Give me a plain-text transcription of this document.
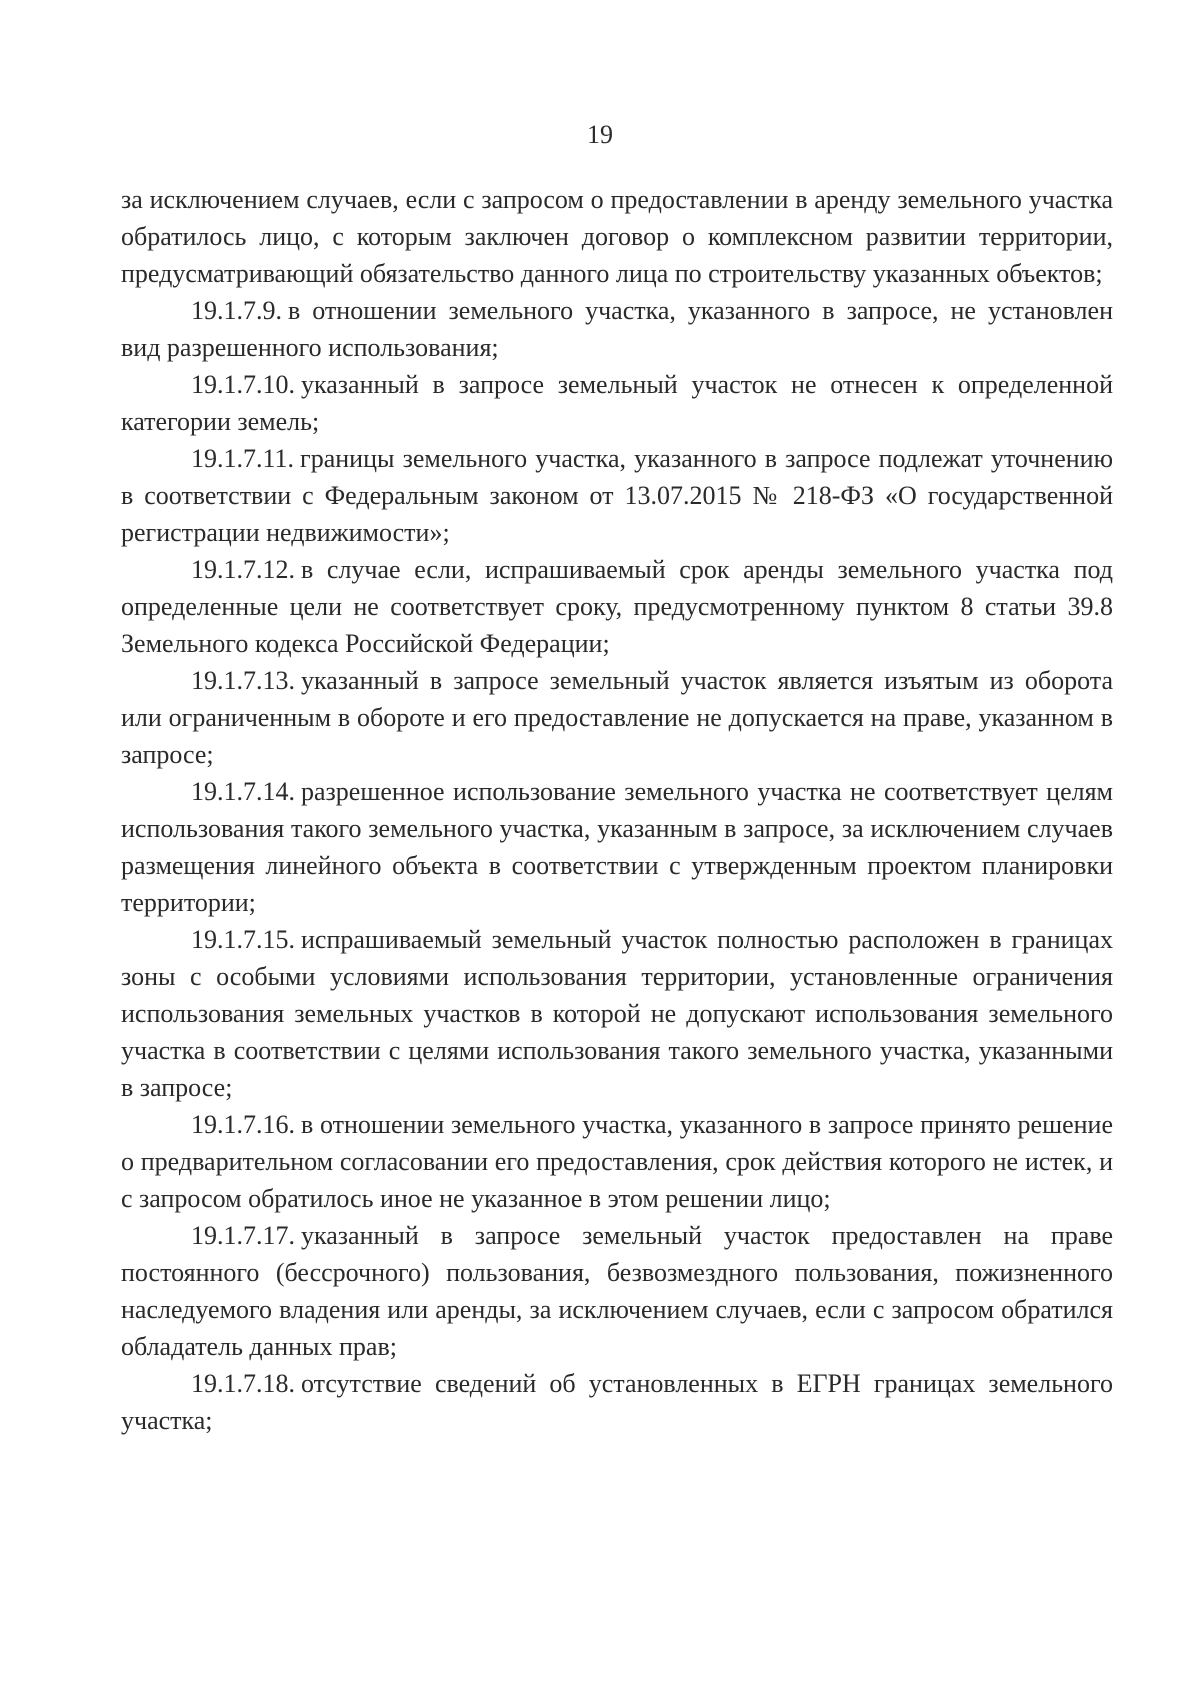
19

за исключением случаев, если с запросом о предоставлении в аренду земельного участка обратилось лицо, с которым заключен договор о комплексном развитии территории, предусматривающий обязательство данного лица по строительству указанных объектов;

19.1.7.9. в отношении земельного участка, указанного в запросе, не установлен вид разрешенного использования;

19.1.7.10. указанный в запросе земельный участок не отнесен к определенной категории земель;

19.1.7.11. границы земельного участка, указанного в запросе подлежат уточнению в соответствии с Федеральным законом от 13.07.2015 № 218-ФЗ «О государственной регистрации недвижимости»;

19.1.7.12. в случае если, испрашиваемый срок аренды земельного участка под определенные цели не соответствует сроку, предусмотренному пунктом 8 статьи 39.8 Земельного кодекса Российской Федерации;

19.1.7.13. указанный в запросе земельный участок является изъятым из оборота или ограниченным в обороте и его предоставление не допускается на праве, указанном в запросе;

19.1.7.14. разрешенное использование земельного участка не соответствует целям использования такого земельного участка, указанным в запросе, за исключением случаев размещения линейного объекта в соответствии с утвержденным проектом планировки территории;

19.1.7.15. испрашиваемый земельный участок полностью расположен в границах зоны с особыми условиями использования территории, установленные ограничения использования земельных участков в которой не допускают использования земельного участка в соответствии с целями использования такого земельного участка, указанными в запросе;

19.1.7.16. в отношении земельного участка, указанного в запросе принято решение о предварительном согласовании его предоставления, срок действия которого не истек, и с запросом обратилось иное не указанное в этом решении лицо;

19.1.7.17. указанный в запросе земельный участок предоставлен на праве постоянного (бессрочного) пользования, безвозмездного пользования, пожизненного наследуемого владения или аренды, за исключением случаев, если с запросом обратился обладатель данных прав;

19.1.7.18. отсутствие сведений об установленных в ЕГРН границах земельного участка;
